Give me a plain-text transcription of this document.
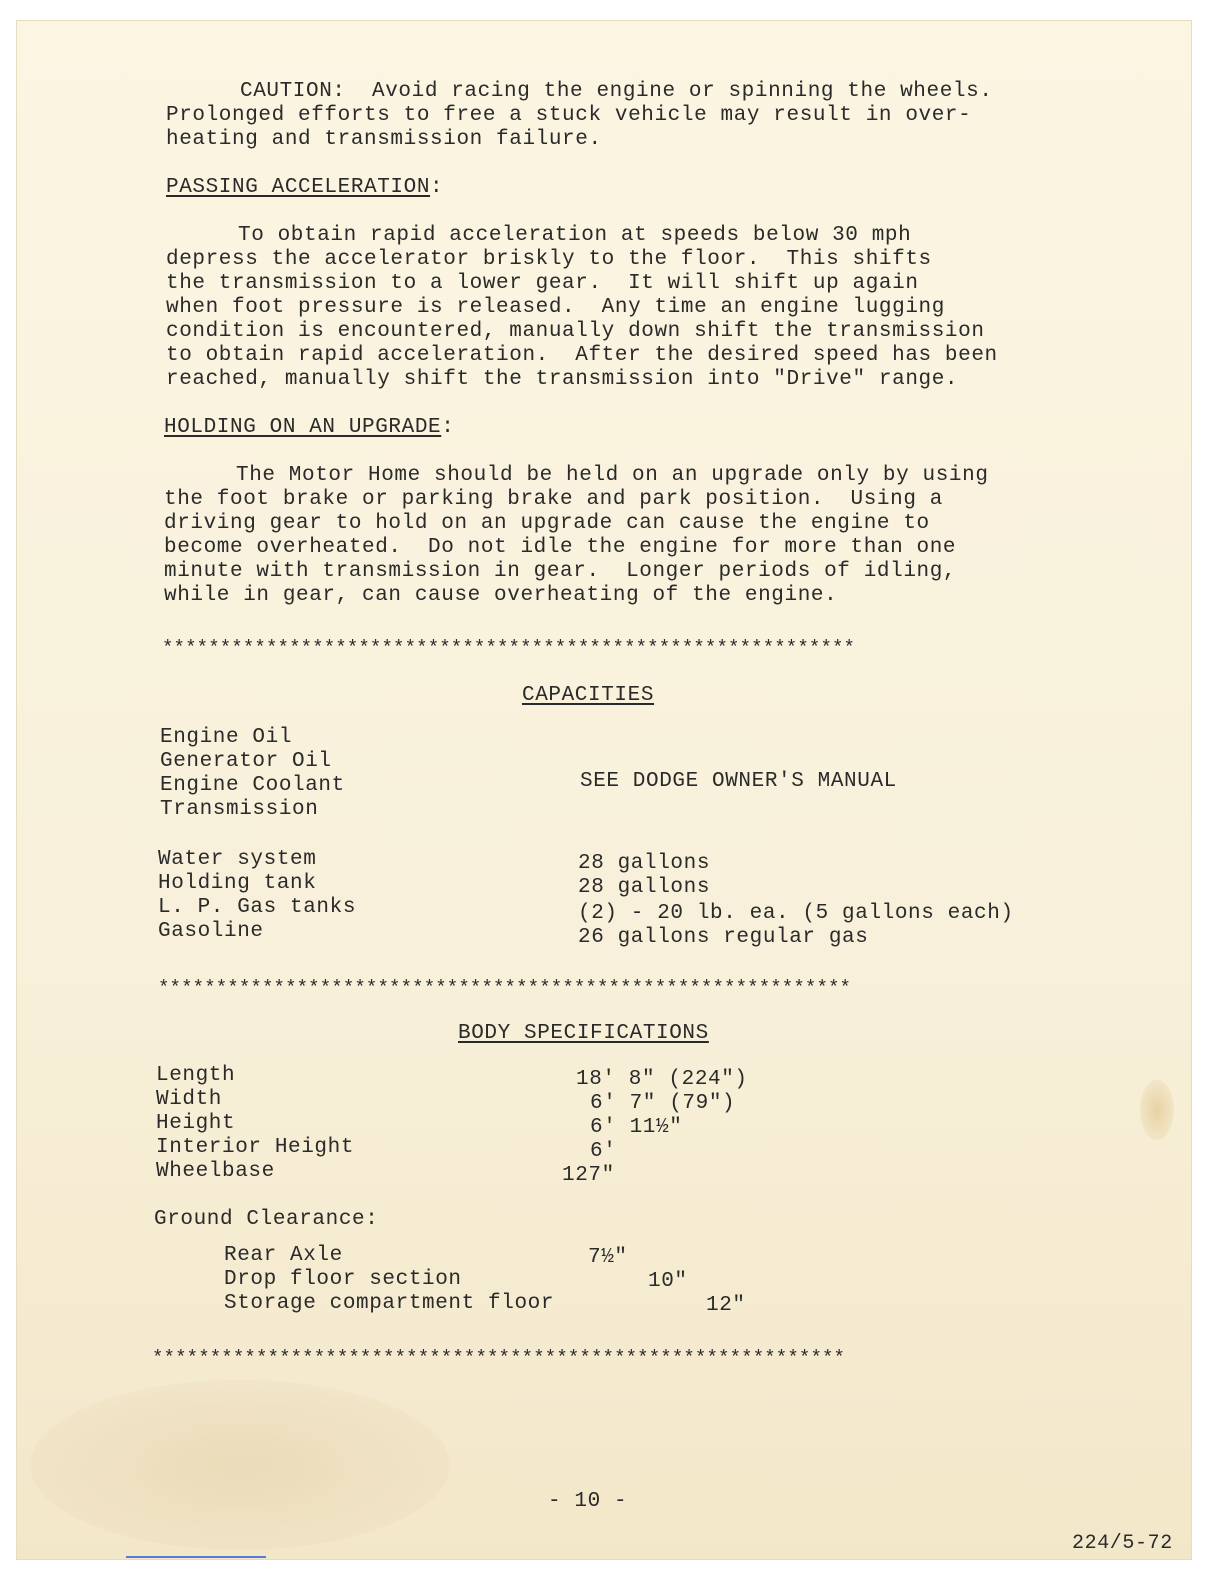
CAUTION:  Avoid racing the engine or spinning the wheels.
Prolonged efforts to free a stuck vehicle may result in over-
heating and transmission failure.
PASSING ACCELERATION:
To obtain rapid acceleration at speeds below 30 mph
depress the accelerator briskly to the floor.  This shifts
the transmission to a lower gear.  It will shift up again
when foot pressure is released.  Any time an engine lugging
condition is encountered, manually down shift the transmission
to obtain rapid acceleration.  After the desired speed has been
reached, manually shift the transmission into "Drive" range.
HOLDING ON AN UPGRADE:
The Motor Home should be held on an upgrade only by using
the foot brake or parking brake and park position.  Using a
driving gear to hold on an upgrade can cause the engine to
become overheated.  Do not idle the engine for more than one
minute with transmission in gear.  Longer periods of idling,
while in gear, can cause overheating of the engine.
************************************************************
CAPACITIES
Engine Oil
Generator Oil
Engine Coolant
Transmission
SEE DODGE OWNER'S MANUAL
Water system	28 gallons
Holding tank	28 gallons
L. P. Gas tanks	(2) - 20 lb. ea. (5 gallons each)
Gasoline	26 gallons regular gas
************************************************************
BODY SPECIFICATIONS
Length	18' 8" (224")
Width	6' 7" (79")
Height	6' 11½"
Interior Height	6'
Wheelbase	127"
Ground Clearance:
Rear Axle	7½"
Drop floor section	10"
Storage compartment floor	12"
************************************************************
- 10 -
224/5-72
